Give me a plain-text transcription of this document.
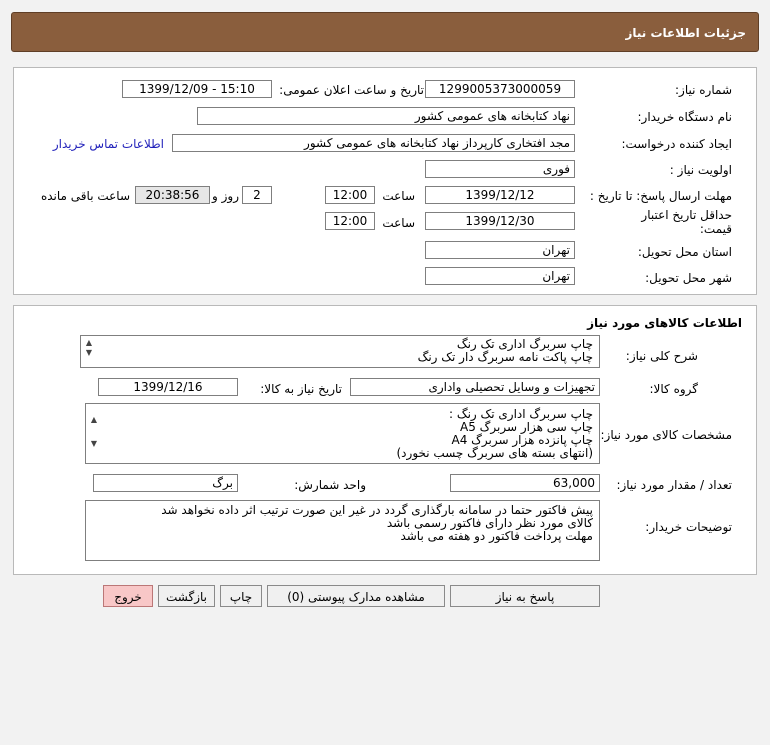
جزئیات اطلاعات نیاز
شماره نیاز:
1299005373000059
تاریخ و ساعت اعلان عمومی:
1399/12/09 - 15:10
نام دستگاه خریدار:
نهاد کتابخانه های عمومی کشور
ایجاد کننده درخواست:
مجد افتخاری کارپرداز نهاد کتابخانه های عمومی کشور
اطلاعات تماس خریدار
اولویت نیاز :
فوری
مهلت ارسال پاسخ: تا تاریخ :
1399/12/12
ساعت
12:00
2
روز و
20:38:56
ساعت باقی مانده
حداقل تاریخ اعتبار
قیمت:
1399/12/30
ساعت
12:00
استان محل تحویل:
تهران
شهر محل تحویل:
تهران
اطلاعات کالاهای مورد نیاز
شرح کلی نیاز:
▲
▼
چاپ سربرگ اداری تک رنگ
چاپ پاکت نامه سربرگ دار تک رنگ
گروه کالا:
تجهیزات و وسایل تحصیلی واداری
تاریخ نیاز به کالا:
1399/12/16
مشخصات کالای مورد نیاز:
▲
▼
چاپ سربرگ اداری تک رنگ :
چاپ سی هزار سربرگ A5
چاپ پانزده هزار سربرگ A4
(انتهای بسته های سربرگ چسب نخورد)
تعداد / مقدار مورد نیاز:
63,000
واحد شمارش:
برگ
توضیحات خریدار:
پیش فاکتور حتما در سامانه بارگذاری گردد در غیر این صورت ترتیب اثر داده نخواهد شد
کالای مورد نظر دارای فاکتور رسمی باشد
مهلت پرداخت فاکتور دو هفته می باشد
پاسخ به نیاز
مشاهده مدارک پیوستی (0)
چاپ
بازگشت
خروج
